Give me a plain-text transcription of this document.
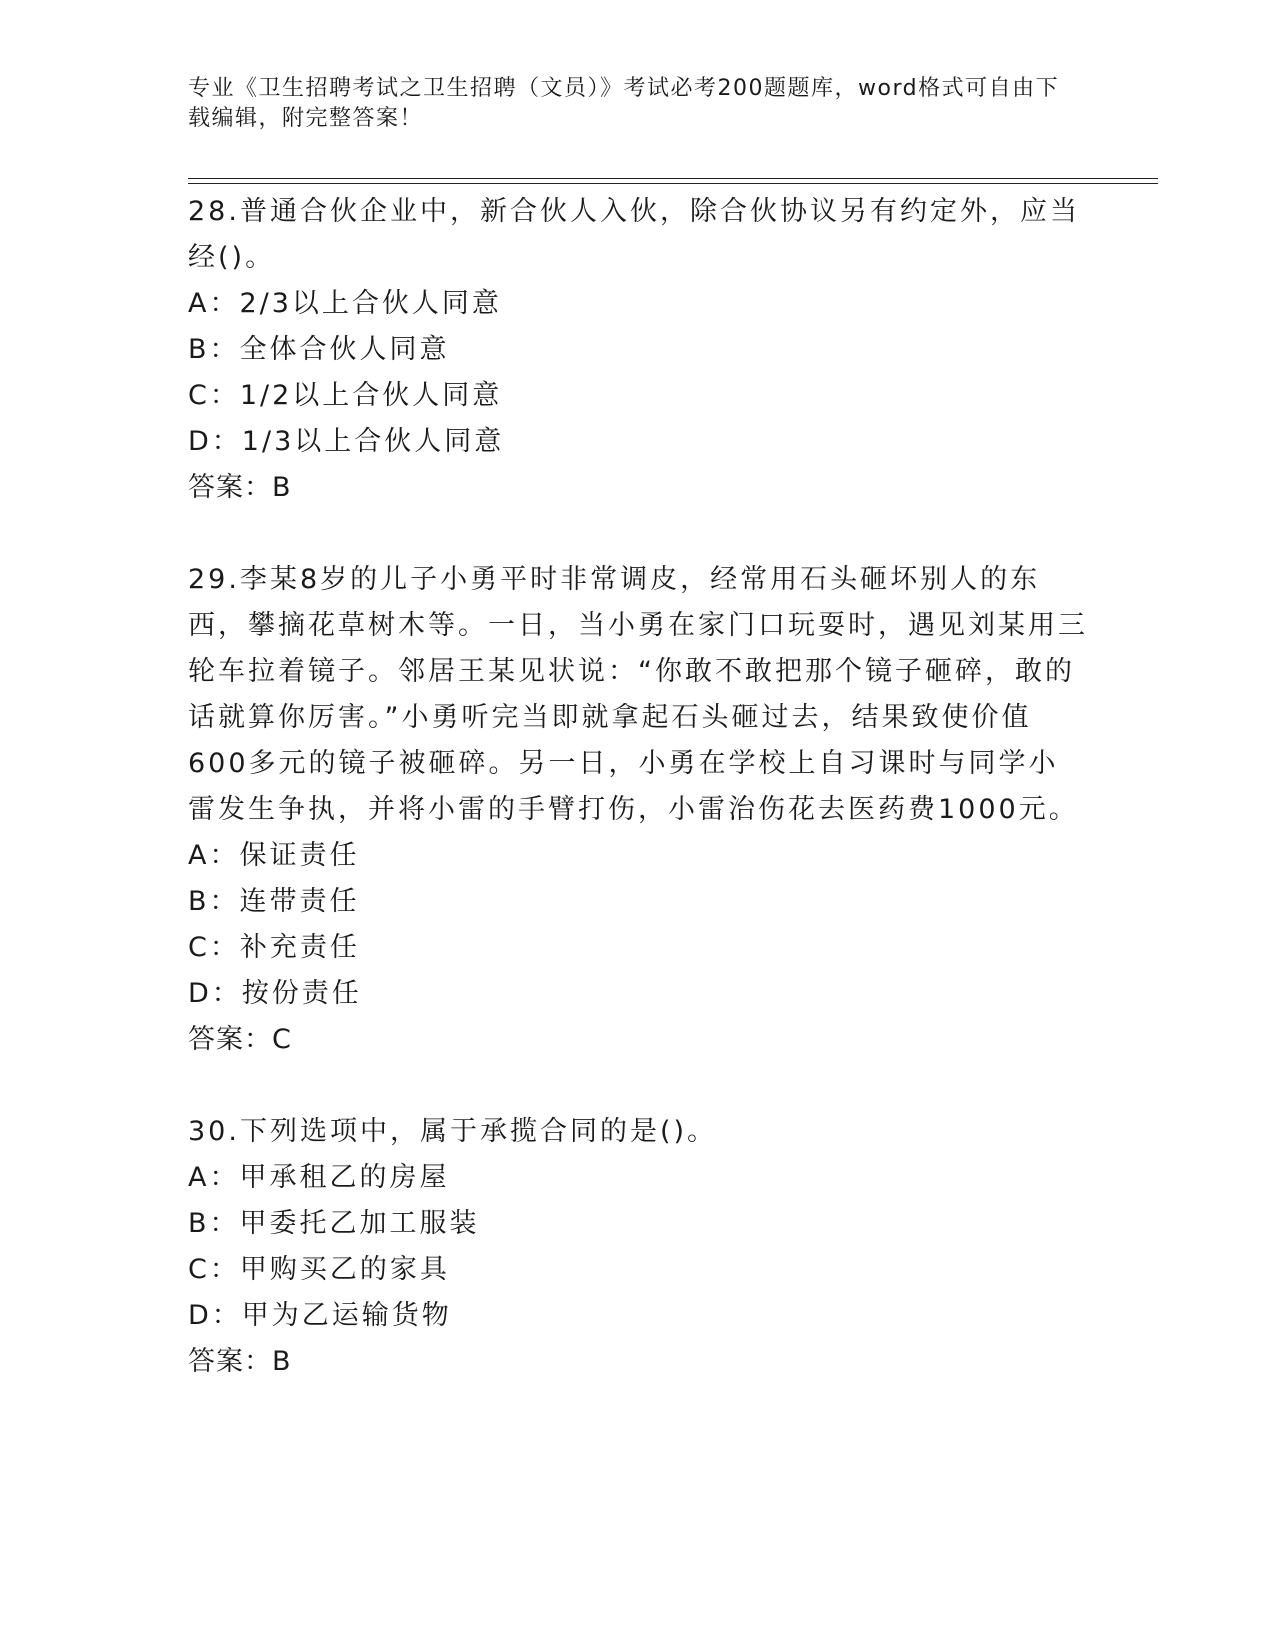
专业《卫生招聘考试之卫生招聘（文员）》考试必考200题题库，word格式可自由下载编辑，附完整答案！
28.普通合伙企业中，新合伙人入伙，除合伙协议另有约定外，应当经()。
A：2/3以上合伙人同意
B：全体合伙人同意
C：1/2以上合伙人同意
D：1/3以上合伙人同意
答案：B
29.李某8岁的儿子小勇平时非常调皮，经常用石头砸坏别人的东西，攀摘花草树木等。一日，当小勇在家门口玩耍时，遇见刘某用三轮车拉着镜子。邻居王某见状说：“你敢不敢把那个镜子砸碎，敢的话就算你厉害。”小勇听完当即就拿起石头砸过去，结果致使价值600多元的镜子被砸碎。另一日，小勇在学校上自习课时与同学小雷发生争执，并将小雷的手臂打伤，小雷治伤花去医药费1000元。
A：保证责任
B：连带责任
C：补充责任
D：按份责任
答案：C
30.下列选项中，属于承揽合同的是()。
A：甲承租乙的房屋
B：甲委托乙加工服装
C：甲购买乙的家具
D：甲为乙运输货物
答案：B
